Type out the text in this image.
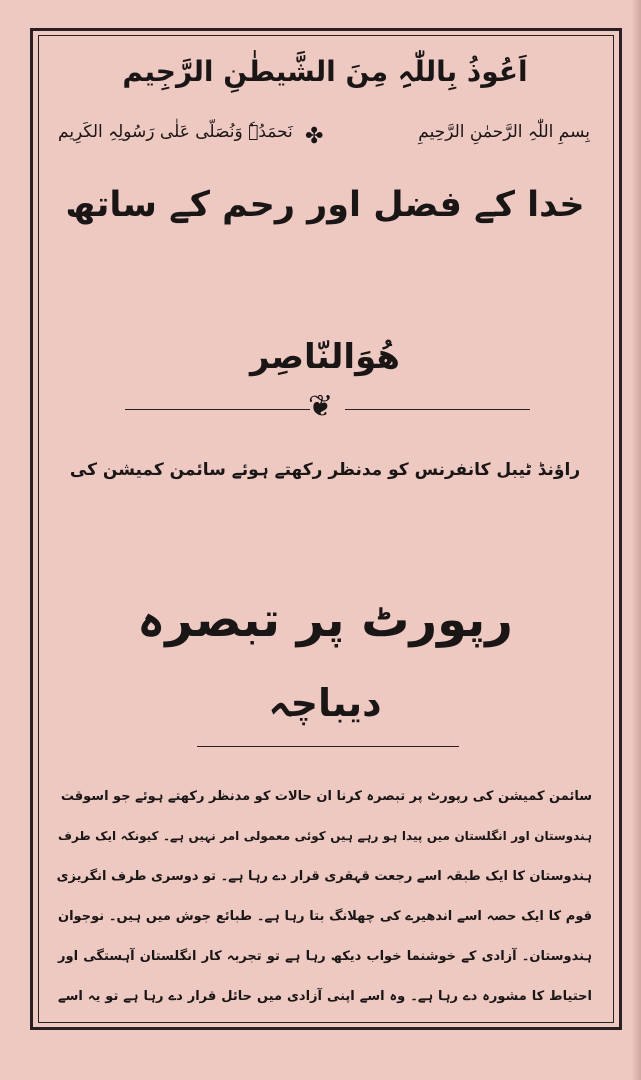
اَعُوذُ بِاللّٰہِ مِنَ الشَّیطٰنِ الرَّجِیم
بِسمِ اللّٰہِ الرَّحمٰنِ الرَّحِیمِ
✤
نَحمَدُہٗ وَنُصَلّی عَلٰی رَسُولِہِ الکَرِیم
خدا کے فضل اور رحم کے ساتھ
ھُوَالنّاصِر
❦
راؤنڈ ٹیبل کانفرنس کو مدنظر رکھتے ہوئے سائمن کمیشن کی
رپورٹ پر تبصرہ
دیباچہ
سائمن کمیشن کی رپورٹ پر تبصرہ کرنا ان حالات کو مدنظر رکھتے ہوئے جو اسوقت
ہندوستان اور انگلستان میں پیدا ہو رہے ہیں کوئی معمولی امر نہیں ہے۔ کیونکہ ایک طرف
ہندوستان کا ایک طبقہ اسے رجعت قہقری قرار دے رہا ہے۔ تو دوسری طرف انگریزی
قوم کا ایک حصہ اسے اندھیرے کی چھلانگ بتا رہا ہے۔ طبائع جوش میں ہیں۔ نوجوان
ہندوستان۔ آزادی کے خوشنما خواب دیکھ رہا ہے تو تجربہ کار انگلستان آہستگی اور
احتیاط کا مشورہ دے رہا ہے۔ وہ اسے اپنی آزادی میں حائل قرار دے رہا ہے تو یہ اسے
